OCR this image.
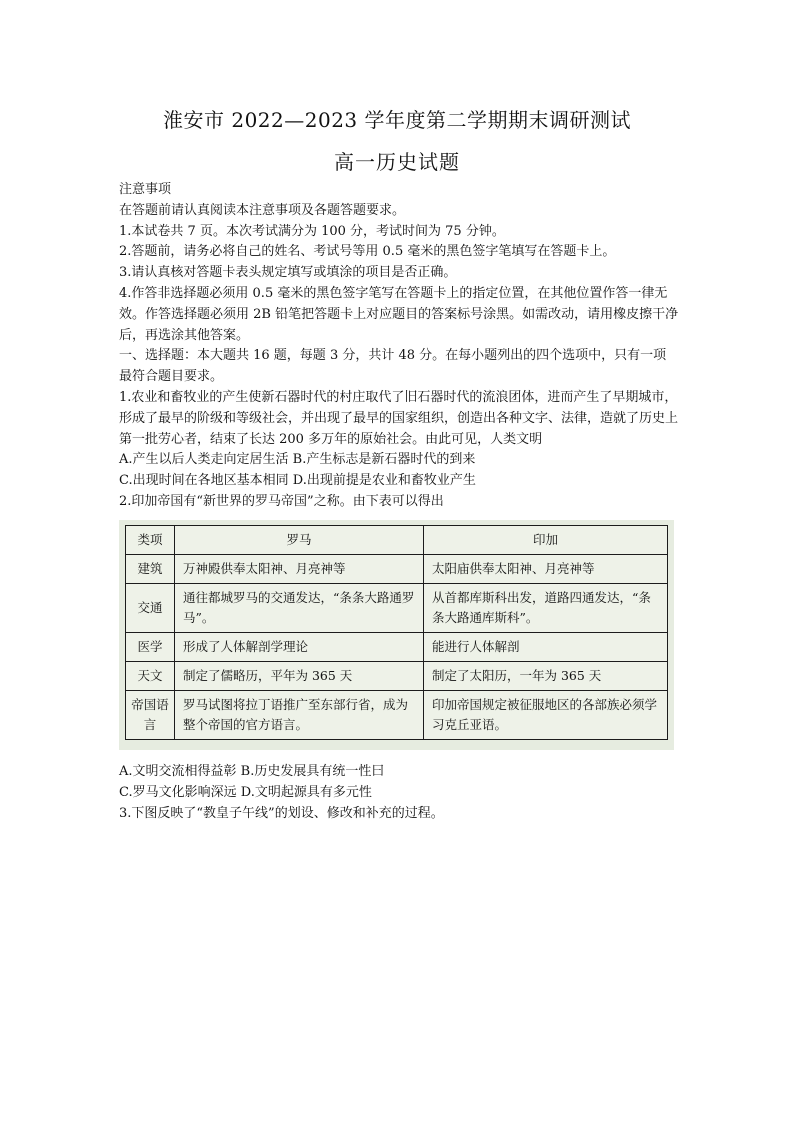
淮安市 2022—2023 学年度第二学期期末调研测试
高一历史试题

注意事项

在答题前请认真阅读本注意事项及各题答题要求。

1.本试卷共 7 页。本次考试满分为 100 分，考试时间为 75 分钟。

2.答题前，请务必将自己的姓名、考试号等用 0.5 毫米的黑色签字笔填写在答题卡上。

3.请认真核对答题卡表头规定填写或填涂的项目是否正确。

4.作答非选择题必须用 0.5 毫米的黑色签字笔写在答题卡上的指定位置，在其他位置作答一律无效。作答选择题必须用 2B 铅笔把答题卡上对应题目的答案标号涂黑。如需改动，请用橡皮擦干净后，再选涂其他答案。

一、选择题：本大题共 16 题，每题 3 分，共计 48 分。在每小题列出的四个选项中，只有一项最符合题目要求。

1.农业和畜牧业的产生使新石器时代的村庄取代了旧石器时代的流浪团体，进而产生了早期城市，形成了最早的阶级和等级社会，并出现了最早的国家组织，创造出各种文字、法律，造就了历史上第一批劳心者，结束了长达 200 多万年的原始社会。由此可见，人类文明

A.产生以后人类走向定居生活 B.产生标志是新石器时代的到来

C.出现时间在各地区基本相同 D.出现前提是农业和畜牧业产生

2.印加帝国有“新世界的罗马帝国”之称。由下表可以得出

类项	罗马	印加
建筑	万神殿供奉太阳神、月亮神等	太阳庙供奉太阳神、月亮神等
交通	通往都城罗马的交通发达，“条条大路通罗马”。	从首都库斯科出发，道路四通发达，“条条大路通库斯科”。
医学	形成了人体解剖学理论	能进行人体解剖
天文	制定了儒略历，平年为 365 天	制定了太阳历，一年为 365 天
帝国语言	罗马试图将拉丁语推广至东部行省，成为整个帝国的官方语言。	印加帝国规定被征服地区的各部族必须学习克丘亚语。

A.文明交流相得益彰 B.历史发展具有统一性曰

C.罗马文化影响深远 D.文明起源具有多元性

3.下图反映了“教皇子午线”的划设、修改和补充的过程。
